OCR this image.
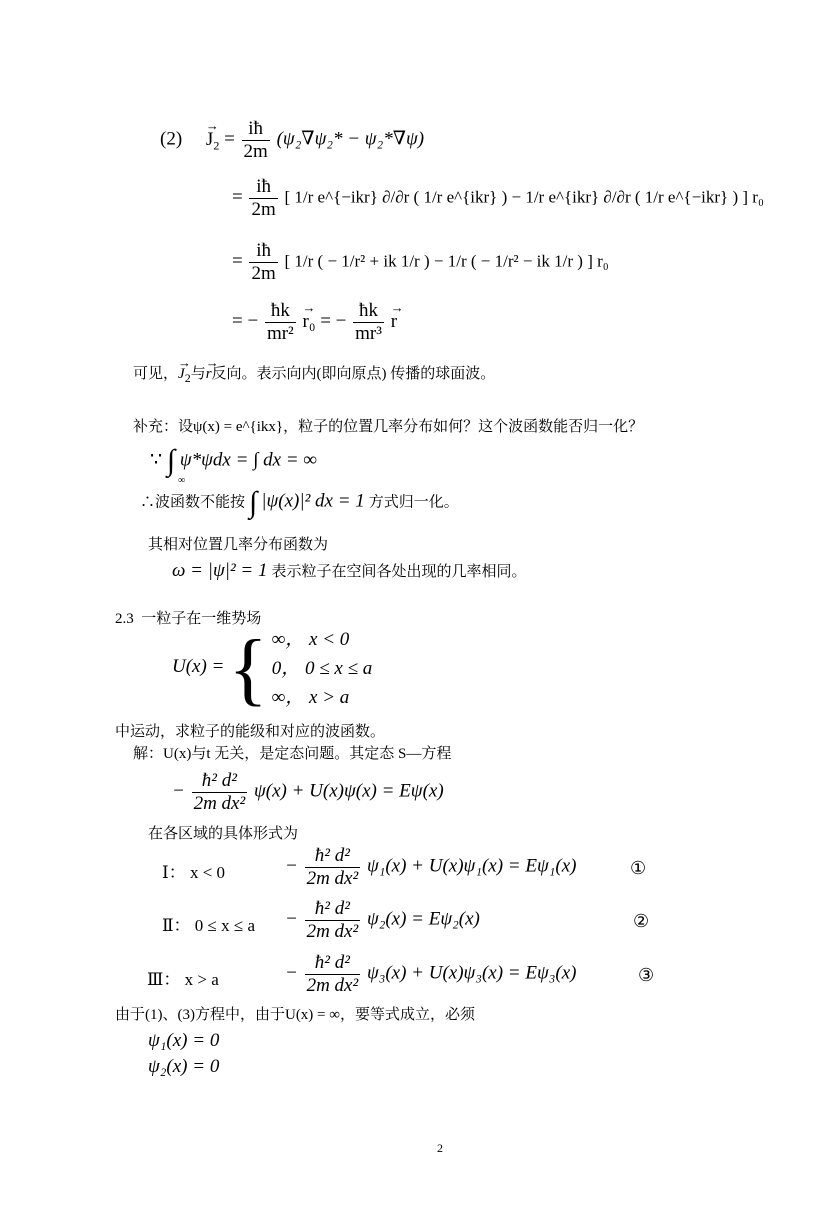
(2)     → $J_2 = \frac{iħ}{2m} (\psi_2\nabla\psi_2* - \psi_2*\nabla\psi)$
= $\frac{iħ}{2m}$ [ 1/r e^{−ikr} ∂/∂r ( 1/r e^{ikr} ) − 1/r e^{ikr} ∂/∂r ( 1/r e^{−ikr} ) ] r₀
= $\frac{iħ}{2m}$ [ 1/r ( − 1/r² + ik 1/r ) − 1/r ( − 1/r² − ik 1/r ) ] r₀
= − $\frac{ħk}{\text{mr²}}$
→ r₀ = − $\frac{ħk}{\text{mr³}}$
→ r
可见，→ $J_2$与→ r反向。表示向内(即向原点) 传播的球面波。
补充：设ψ(x) = e^{ikx}，粒子的位置几率分布如何？这个波函数能否归一化？
∵ ∫ ψ*ψdx = ∫ dx = ∞
∞
∴波函数不能按 ∫ |ψ(x)|² dx = 1 方式归一化。
其相对位置几率分布函数为
ω = |ψ|² = 1 表示粒子在空间各处出现的几率相同。
2.3 一粒子在一维势场
U(x) = { ∞， x < 0
0， 0 ≤ x ≤ a
∞， x > a
中运动，求粒子的能级和对应的波函数。
解：U(x)与t 无关，是定态问题。其定态 S—方程
− $\frac{\text{ħ² d²}}{\text{2m dx²}} \psi(x) + U(x)\psi(x) = E\psi(x)$
在各区域的具体形式为
Ⅰ： x < 0	− $\frac{\text{ħ² d²}}{\text{2m dx²}} \psi_1(x) + U(x)\psi_1(x) = E\psi_1(x)$	①
Ⅱ： $0 \le x \le a - \frac{\text{ħ² d²}}{\text{2m dx²}} \psi_2(x) = E\psi_2(x)$	②
Ⅲ： x > a	− $\frac{\text{ħ² d²}}{\text{2m dx²}} \psi_3(x) + U(x)\psi_3(x) = E\psi_3(x)$	③
由于(1)、(3)方程中，由于U(x) = ∞，要等式成立，必须
ψ₁(x) = 0
ψ₂(x) = 0
2
